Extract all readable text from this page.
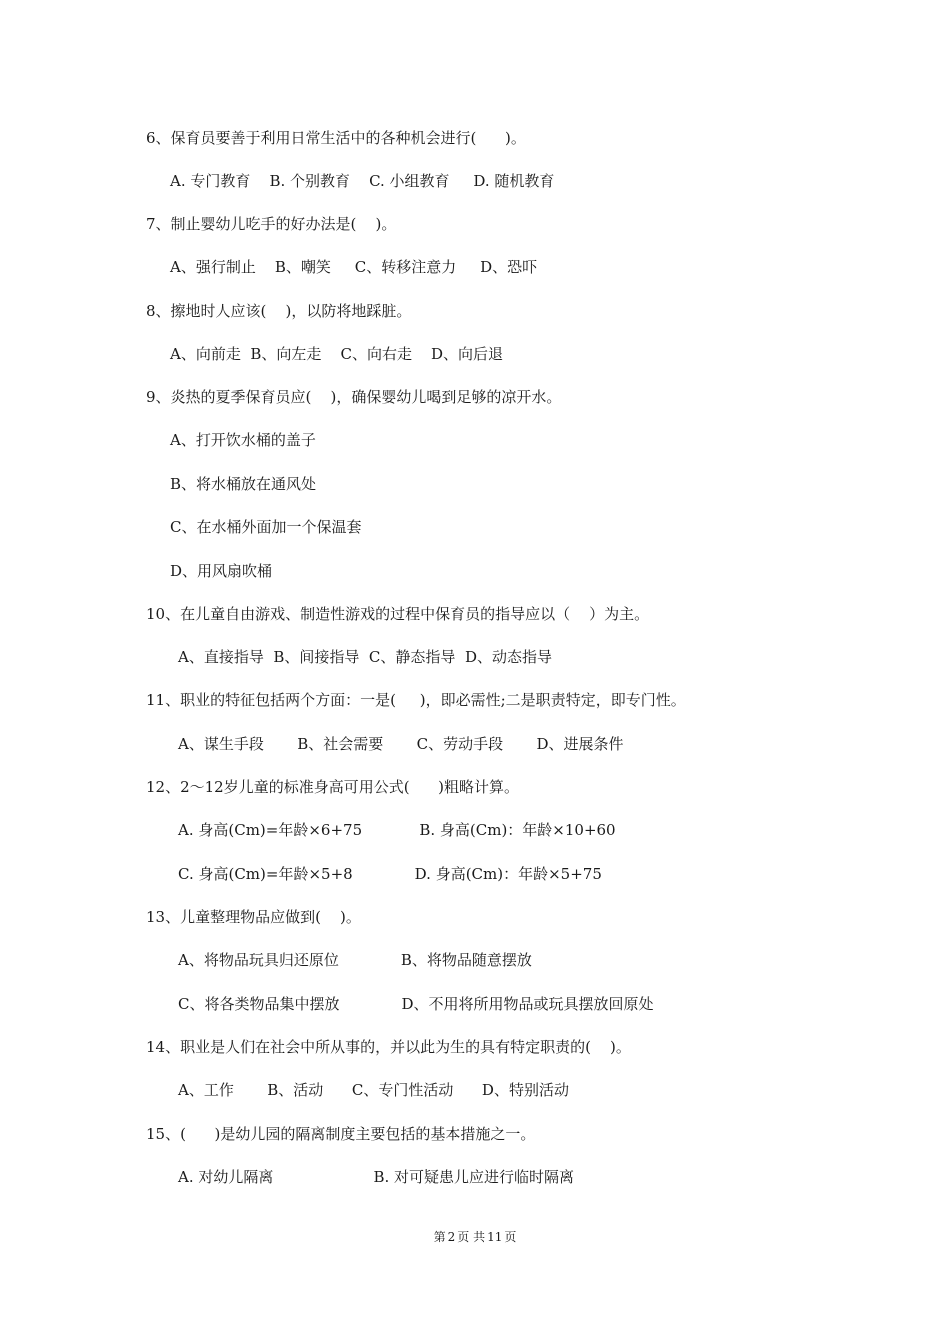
6、保育员要善于利用日常生活中的各种机会进行(      )。
A. 专门教育    B. 个别教育    C. 小组教育     D. 随机教育
7、制止婴幼儿吃手的好办法是(    )。
A、强行制止    B、嘲笑     C、转移注意力     D、恐吓
8、擦地时人应该(    )，以防将地踩脏。
A、向前走  B、向左走    C、向右走    D、向后退
9、炎热的夏季保育员应(    )，确保婴幼儿喝到足够的凉开水。
A、打开饮水桶的盖子
B、将水桶放在通风处
C、在水桶外面加一个保温套
D、用风扇吹桶
10、在儿童自由游戏、制造性游戏的过程中保育员的指导应以（    ）为主。
A、直接指导  B、间接指导  C、静态指导  D、动态指导
11、职业的特征包括两个方面：一是(     )，即必需性;二是职责特定，即专门性。
A、谋生手段       B、社会需要       C、劳动手段       D、进展条件
12、2～12岁儿童的标准身高可用公式(      )粗略计算。
A. 身高(Cm)=年龄×6+75            B. 身高(Cm)：年龄×10+60
C. 身高(Cm)=年龄×5+8             D. 身高(Cm)：年龄×5+75
13、儿童整理物品应做到(    )。
A、将物品玩具归还原位             B、将物品随意摆放
C、将各类物品集中摆放             D、不用将所用物品或玩具摆放回原处
14、职业是人们在社会中所从事的，并以此为生的具有特定职责的(    )。
A、工作       B、活动      C、专门性活动      D、特别活动
15、(      )是幼儿园的隔离制度主要包括的基本措施之一。
A. 对幼儿隔离                     B. 对可疑患儿应进行临时隔离
第 2 页 共 11 页
